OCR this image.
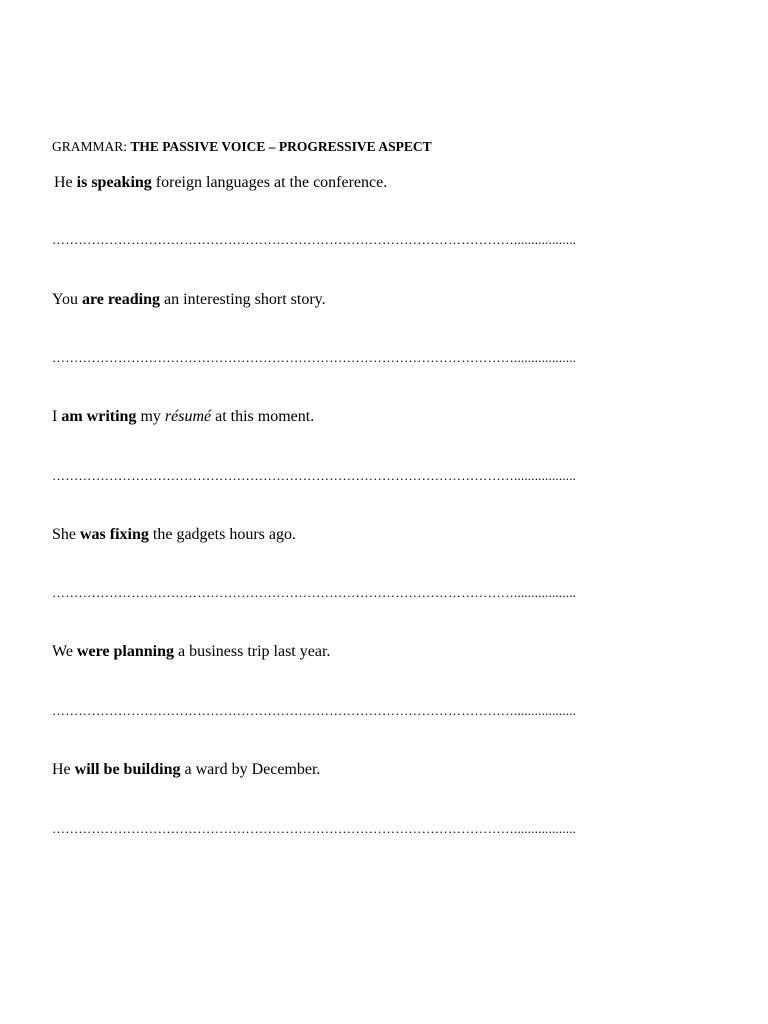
GRAMMAR: THE PASSIVE VOICE – PROGRESSIVE ASPECT
He is speaking foreign languages at the conference.
……………………………………………………………………………………………..................
You are reading an interesting short story.
……………………………………………………………………………………………..................
I am writing my résumé at this moment.
……………………………………………………………………………………………..................
She was fixing the gadgets hours ago.
……………………………………………………………………………………………..................
We were planning a business trip last year.
……………………………………………………………………………………………..................
He will be building a ward by December.
……………………………………………………………………………………………..................
